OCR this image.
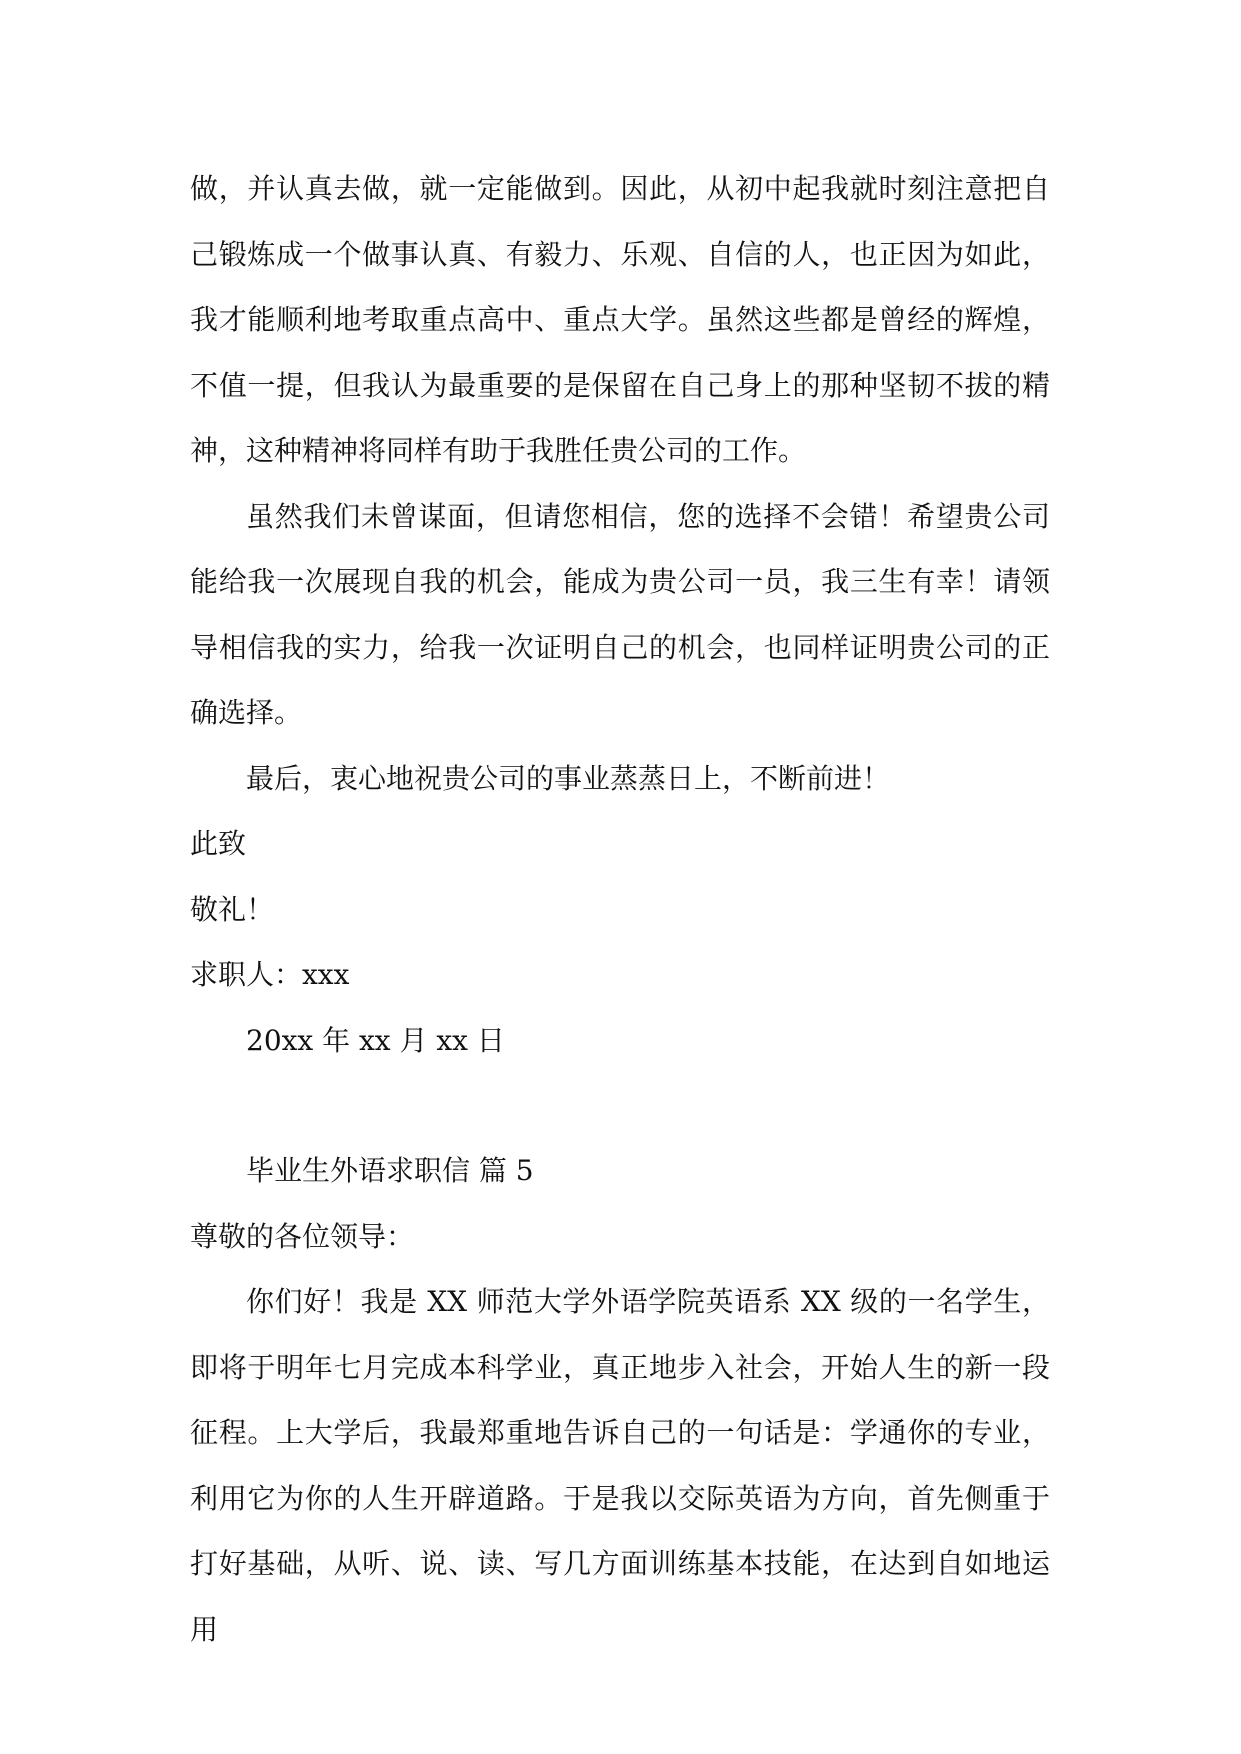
做，并认真去做，就一定能做到。因此，从初中起我就时刻注意把自己锻炼成一个做事认真、有毅力、乐观、自信的人，也正因为如此，我才能顺利地考取重点高中、重点大学。虽然这些都是曾经的辉煌，不值一提，但我认为最重要的是保留在自己身上的那种坚韧不拔的精神，这种精神将同样有助于我胜任贵公司的工作。

虽然我们未曾谋面，但请您相信，您的选择不会错！希望贵公司能给我一次展现自我的机会，能成为贵公司一员，我三生有幸！请领导相信我的实力，给我一次证明自己的机会，也同样证明贵公司的正确选择。

最后，衷心地祝贵公司的事业蒸蒸日上，不断前进！

此致

敬礼！

求职人：xxx

20xx 年 xx 月 xx 日

毕业生外语求职信 篇 5

尊敬的各位领导：

你们好！我是 XX 师范大学外语学院英语系 XX 级的一名学生，即将于明年七月完成本科学业，真正地步入社会，开始人生的新一段征程。上大学后，我最郑重地告诉自己的一句话是：学通你的专业，利用它为你的人生开辟道路。于是我以交际英语为方向，首先侧重于打好基础，从听、说、读、写几方面训练基本技能，在达到自如地运用
